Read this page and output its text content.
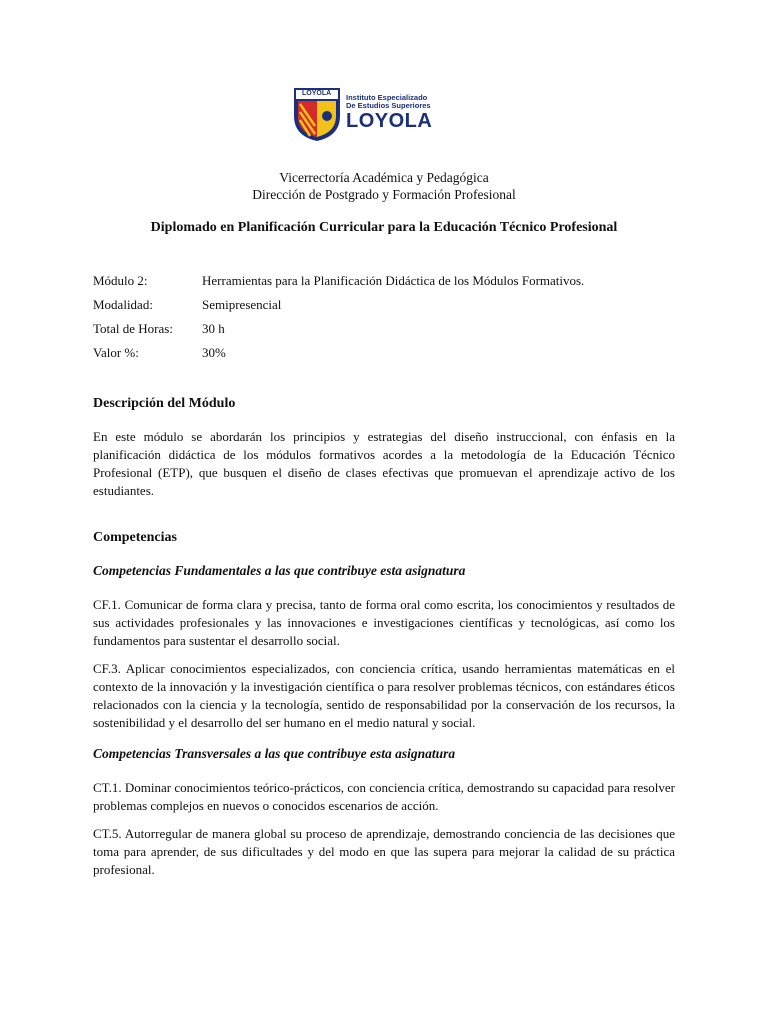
LOYOLA Instituto Especializado
De Estudios Superiores
LOYOLA
Vicerrectoría Académica y Pedagógica
Dirección de Postgrado y Formación Profesional
Diplomado en Planificación Curricular para la Educación Técnico Profesional
Módulo 2:	Herramientas para la Planificación Didáctica de los Módulos Formativos.
Modalidad:	Semipresencial
Total de Horas: 30 h
Valor %:	30%
Descripción del Módulo
En este módulo se abordarán los principios y estrategias del diseño instruccional, con énfasis en la planificación didáctica de los módulos formativos acordes a la metodología de la Educación Técnico Profesional (ETP), que busquen el diseño de clases efectivas que promuevan el aprendizaje activo de los estudiantes.
Competencias
Competencias Fundamentales a las que contribuye esta asignatura
CF.1. Comunicar de forma clara y precisa, tanto de forma oral como escrita, los conocimientos y resultados de sus actividades profesionales y las innovaciones e investigaciones científicas y tecnológicas, así como los fundamentos para sustentar el desarrollo social.
CF.3. Aplicar conocimientos especializados, con conciencia crítica, usando herramientas matemáticas en el contexto de la innovación y la investigación científica o para resolver problemas técnicos, con estándares éticos relacionados con la ciencia y la tecnología, sentido de responsabilidad por la conservación de los recursos, la sostenibilidad y el desarrollo del ser humano en el medio natural y social.
Competencias Transversales a las que contribuye esta asignatura
CT.1. Dominar conocimientos teórico-prácticos, con conciencia crítica, demostrando su capacidad para resolver problemas complejos en nuevos o conocidos escenarios de acción.
CT.5. Autorregular de manera global su proceso de aprendizaje, demostrando conciencia de las decisiones que toma para aprender, de sus dificultades y del modo en que las supera para mejorar la calidad de su práctica profesional.
